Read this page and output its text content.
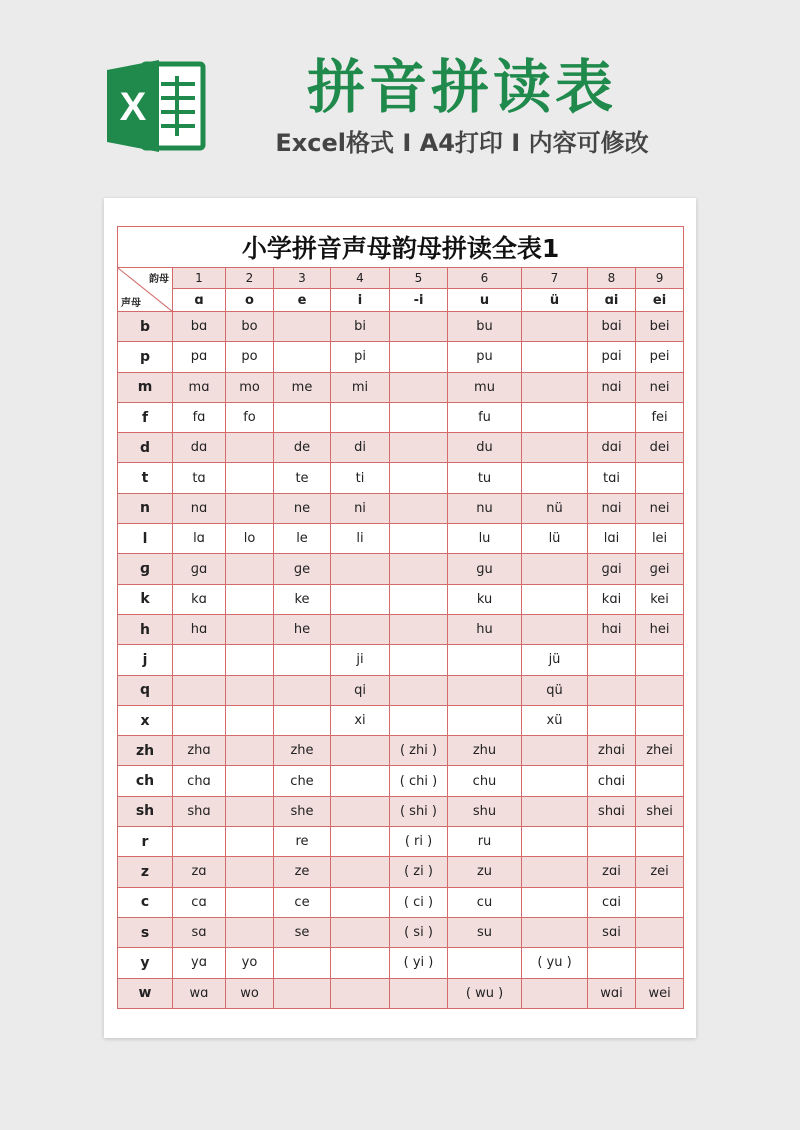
X	拼音拼读表
Excel格式 I A4打印 I 内容可修改
小学拼音声母韵母拼读全表1									

韵母
声母	1	2	3	4	5	6	7	8	9
	ɑ	o	e	i	-i	u	ü	ɑi	ei
b	bɑ	bo		bi		bu		bɑi	bei
p	pɑ	po		pi		pu		pɑi	pei
m	mɑ	mo	me	mi		mu		nɑi	nei
f	fɑ	fo				fu			fei
d	dɑ		de	di		du		dɑi	dei
t	tɑ		te	ti		tu		tɑi	
n	nɑ		ne	ni		nu	nü	nɑi	nei
l	lɑ	lo	le	li		lu	lü	lɑi	lei
ɡ	ɡɑ		ɡe			ɡu		ɡɑi	ɡei
k	kɑ		ke			ku		kɑi	kei
h	hɑ		he			hu		hɑi	hei
j				ji			jü		
q				qi			qü		
x				xi			xü		
zh	zhɑ		zhe		( zhi )	zhu		zhɑi	zhei
ch	chɑ		che		( chi )	chu		chɑi	
sh	shɑ		she		( shi )	shu		shɑi	shei
r			re		( ri )	ru			
z	zɑ		ze		( zi )	zu		zɑi	zei
c	cɑ		ce		( ci )	cu		cɑi	
s	sɑ		se		( si )	su		sɑi	
y	yɑ	yo			( yi )		( yu )		
w	wɑ	wo				( wu )		wɑi	wei
